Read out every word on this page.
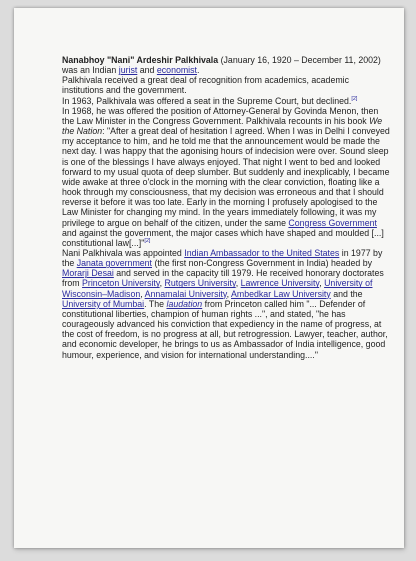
Nanabhoy "Nani" Ardeshir Palkhivala (January 16, 1920 – December 11, 2002) was an Indian jurist and economist.

Palkhivala received a great deal of recognition from academics, academic institutions and the government.

In 1963, Palkhivala was offered a seat in the Supreme Court, but declined.[2]

In 1968, he was offered the position of Attorney-General by Govinda Menon, then the Law Minister in the Congress Government. Palkhivala recounts in his book We the Nation: "After a great deal of hesitation I agreed. When I was in Delhi I conveyed my acceptance to him, and he told me that the announcement would be made the next day. I was happy that the agonising hours of indecision were over. Sound sleep is one of the blessings I have always enjoyed. That night I went to bed and looked forward to my usual quota of deep slumber. But suddenly and inexplicably, I became wide awake at three o'clock in the morning with the clear conviction, floating like a hook through my consciousness, that my decision was erroneous and that I should reverse it before it was too late. Early in the morning I profusely apologised to the Law Minister for changing my mind. In the years immediately following, it was my privilege to argue on behalf of the citizen, under the same Congress Government and against the government, the major cases which have shaped and moulded [...] constitutional law[...]"[2]

Nani Palkhivala was appointed Indian Ambassador to the United States in 1977 by the Janata government (the first non-Congress Government in India) headed by Morarji Desai and served in the capacity till 1979. He received honorary doctorates from Princeton University, Rutgers University, Lawrence University, University of Wisconsin–Madison, Annamalai University, Ambedkar Law University and the University of Mumbai. The laudation from Princeton called him "... Defender of constitutional liberties, champion of human rights ...", and stated, "he has courageously advanced his conviction that expediency in the name of progress, at the cost of freedom, is no progress at all, but retrogression. Lawyer, teacher, author, and economic developer, he brings to us as Ambassador of India intelligence, good humour, experience, and vision for international understanding...."
